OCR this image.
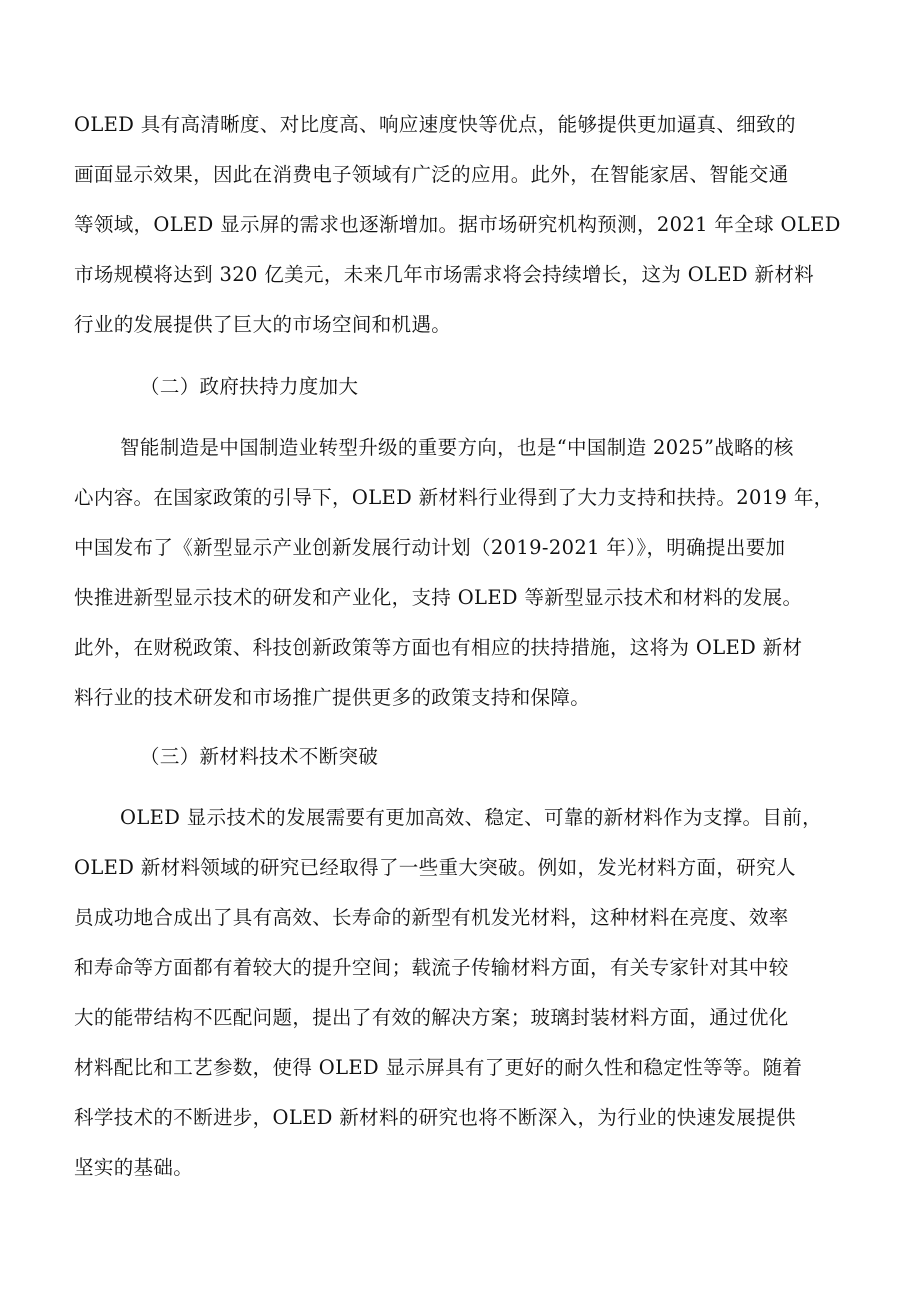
OLED 具有高清晰度、对比度高、响应速度快等优点，能够提供更加逼真、细致的

画面显示效果，因此在消费电子领域有广泛的应用。此外，在智能家居、智能交通

等领域，OLED 显示屏的需求也逐渐增加。据市场研究机构预测，2021 年全球 OLED

市场规模将达到 320 亿美元，未来几年市场需求将会持续增长，这为 OLED 新材料

行业的发展提供了巨大的市场空间和机遇。

（二）政府扶持力度加大

智能制造是中国制造业转型升级的重要方向，也是“中国制造 2025”战略的核

心内容。在国家政策的引导下，OLED 新材料行业得到了大力支持和扶持。2019 年，

中国发布了《新型显示产业创新发展行动计划（2019-2021 年）》，明确提出要加

快推进新型显示技术的研发和产业化，支持 OLED 等新型显示技术和材料的发展。

此外，在财税政策、科技创新政策等方面也有相应的扶持措施，这将为 OLED 新材

料行业的技术研发和市场推广提供更多的政策支持和保障。

（三）新材料技术不断突破

OLED 显示技术的发展需要有更加高效、稳定、可靠的新材料作为支撑。目前，

OLED 新材料领域的研究已经取得了一些重大突破。例如，发光材料方面，研究人

员成功地合成出了具有高效、长寿命的新型有机发光材料，这种材料在亮度、效率

和寿命等方面都有着较大的提升空间；载流子传输材料方面，有关专家针对其中较

大的能带结构不匹配问题，提出了有效的解决方案；玻璃封装材料方面，通过优化

材料配比和工艺参数，使得 OLED 显示屏具有了更好的耐久性和稳定性等等。随着

科学技术的不断进步，OLED 新材料的研究也将不断深入，为行业的快速发展提供

坚实的基础。
